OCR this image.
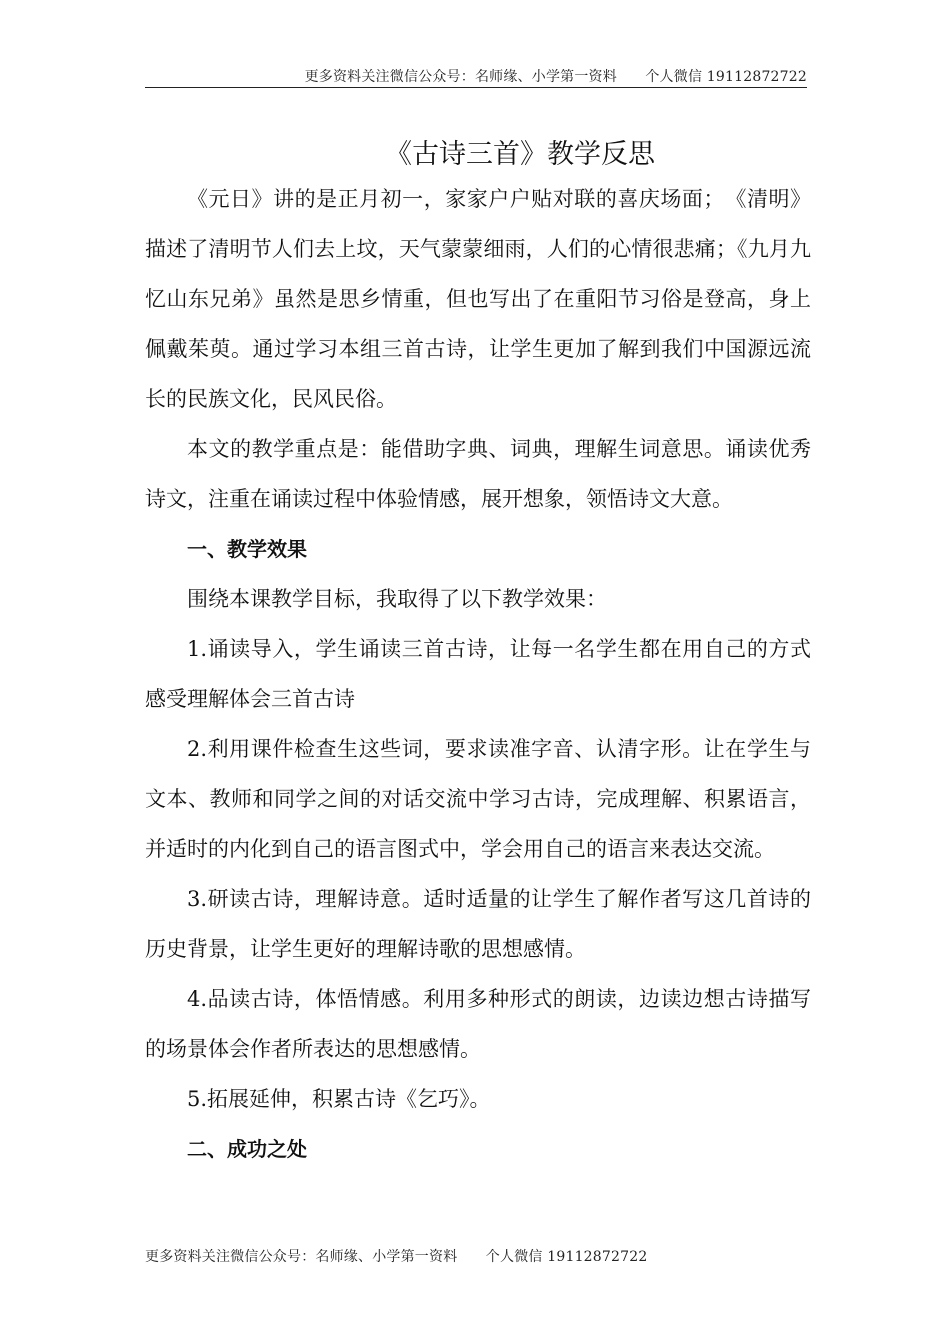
更多资料关注微信公众号：名师缘、小学第一资料　　个人微信 19112872722
《古诗三首》教学反思

《元日》讲的是正月初一，家家户户贴对联的喜庆场面；　《清明》描述了清明节人们去上坟，天气蒙蒙细雨，人们的心情很悲痛；《九月九忆山东兄弟》虽然是思乡情重，但也写出了在重阳节习俗是登高，身上佩戴茱萸。通过学习本组三首古诗，让学生更加了解到我们中国源远流长的民族文化，民风民俗。

本文的教学重点是：能借助字典、词典，理解生词意思。诵读优秀诗文，注重在诵读过程中体验情感，展开想象，领悟诗文大意。

一、教学效果

围绕本课教学目标，我取得了以下教学效果：

1.诵读导入，学生诵读三首古诗，让每一名学生都在用自己的方式感受理解体会三首古诗

2.利用课件检查生这些词，要求读准字音、认清字形。让在学生与文本、教师和同学之间的对话交流中学习古诗，完成理解、积累语言，并适时的内化到自己的语言图式中，学会用自己的语言来表达交流。

3.研读古诗，理解诗意。适时适量的让学生了解作者写这几首诗的历史背景，让学生更好的理解诗歌的思想感情。

4.品读古诗，体悟情感。利用多种形式的朗读，边读边想古诗描写的场景体会作者所表达的思想感情。

5.拓展延伸，积累古诗《乞巧》。

二、成功之处

更多资料关注微信公众号：名师缘、小学第一资料　　个人微信 19112872722
